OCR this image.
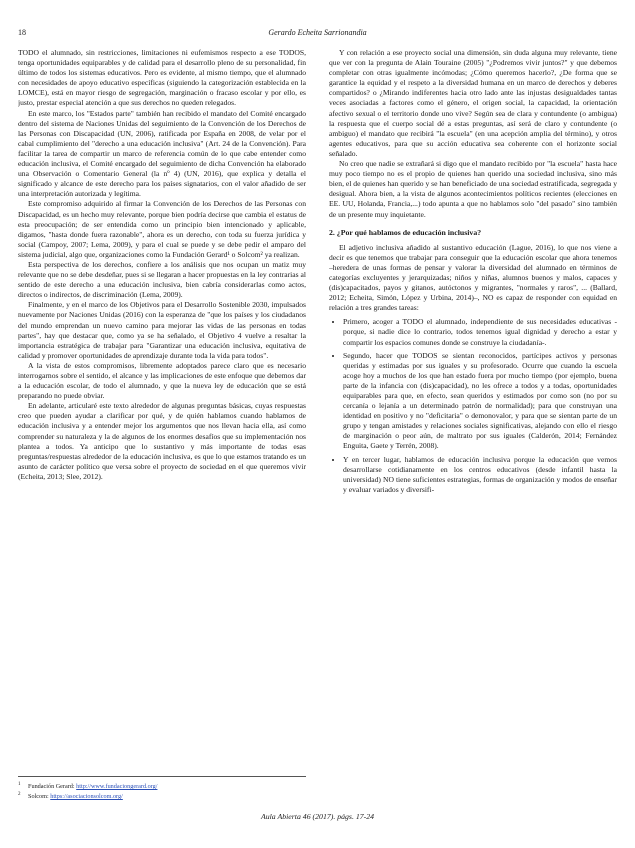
18	Gerardo Echeita Sarrionandia

TODO el alumnado, sin restricciones, limitaciones ni eufemismos respecto a ese TODOS, tenga oportunidades equiparables y de calidad para el desarrollo pleno de su personalidad, fin último de todos los sistemas educativos. Pero es evidente, al mismo tiempo, que el alumnado con necesidades de apoyo educativo específicas (siguiendo la categorización establecida en la LOMCE), está en mayor riesgo de segregación, marginación o fracaso escolar y por ello, es justo, prestar especial atención a que sus derechos no queden relegados.

En este marco, los "Estados parte" también han recibido el mandato del Comité encargado dentro del sistema de Naciones Unidas del seguimiento de la Convención de los Derechos de las Personas con Discapacidad (UN, 2006), ratificada por España en 2008, de velar por el cabal cumplimiento del "derecho a una educación inclusiva" (Art. 24 de la Convención). Para facilitar la tarea de compartir un marco de referencia común de lo que cabe entender como educación inclusiva, el Comité encargado del seguimiento de dicha Convención ha elaborado una Observación o Comentario General (la nº 4) (UN, 2016), que explica y detalla el significado y alcance de este derecho para los países signatarios, con el valor añadido de ser una interpretación autorizada y legítima.

Este compromiso adquirido al firmar la Convención de los Derechos de las Personas con Discapacidad, es un hecho muy relevante, porque bien podría decirse que cambia el estatus de esta preocupación; de ser entendida como un principio bien intencionado y aplicable, digamos, "hasta donde fuera razonable", ahora es un derecho, con toda su fuerza jurídica y social (Campoy, 2007; Lema, 2009), y para el cual se puede y se debe pedir el amparo del sistema judicial, algo que, organizaciones como la Fundación Gerard¹ o Solcom² ya realizan.

Esta perspectiva de los derechos, confiere a los análisis que nos ocupan un matiz muy relevante que no se debe desdeñar, pues si se llegaran a hacer propuestas en la ley contrarias al sentido de este derecho a una educación inclusiva, bien cabría considerarlas como actos, directos o indirectos, de discriminación (Lema, 2009).

Finalmente, y en el marco de los Objetivos para el Desarrollo Sostenible 2030, impulsados nuevamente por Naciones Unidas (2016) con la esperanza de "que los países y los ciudadanos del mundo emprendan un nuevo camino para mejorar las vidas de las personas en todas partes", hay que destacar que, como ya se ha señalado, el Objetivo 4 vuelve a resaltar la importancia estratégica de trabajar para "Garantizar una educación inclusiva, equitativa de calidad y promover oportunidades de aprendizaje durante toda la vida para todos".

A la vista de estos compromisos, libremente adoptados parece claro que es necesario interrogarnos sobre el sentido, el alcance y las implicaciones de este enfoque que debemos dar a la educación escolar, de todo el alumnado, y que la nueva ley de educación que se está preparando no puede obviar.

En adelante, articularé este texto alrededor de algunas preguntas básicas, cuyas respuestas creo que pueden ayudar a clarificar por qué, y de quién hablamos cuando hablamos de educación inclusiva y a entender mejor los argumentos que nos llevan hacia ella, así como comprender su naturaleza y la de algunos de los enormes desafíos que su implementación nos plantea a todos. Ya anticipo que lo sustantivo y más importante de todas esas preguntas/respuestas alrededor de la educación inclusiva, es que lo que estamos tratando es un asunto de carácter político que versa sobre el proyecto de sociedad en el que queremos vivir (Echeita, 2013; Slee, 2012).

Y con relación a ese proyecto social una dimensión, sin duda alguna muy relevante, tiene que ver con la pregunta de Alain Touraine (2005) "¿Podremos vivir juntos?" y que debemos completar con otras igualmente incómodas; ¿Cómo queremos hacerlo?, ¿De forma que se garantice la equidad y el respeto a la diversidad humana en un marco de derechos y deberes compartidos? o ¿Mirando indiferentes hacia otro lado ante las injustas desigualdades tantas veces asociadas a factores como el género, el origen social, la capacidad, la orientación afectivo sexual o el territorio donde uno vive? Según sea de clara y contundente (o ambigua) la respuesta que el cuerpo social dé a estas preguntas, así será de claro y contundente (o ambiguo) el mandato que recibirá "la escuela" (en una acepción amplia del término), y otros agentes educativos, para que su acción educativa sea coherente con el horizonte social señalado.

No creo que nadie se extrañará si digo que el mandato recibido por "la escuela" hasta hace muy poco tiempo no es el propio de quienes han querido una sociedad inclusiva, sino más bien, el de quienes han querido y se han beneficiado de una sociedad estratificada, segregada y desigual. Ahora bien, a la vista de algunos acontecimientos políticos recientes (elecciones en EE. UU, Holanda, Francia,...) todo apunta a que no hablamos solo "del pasado" sino también de un presente muy inquietante.

2. ¿Por qué hablamos de educación inclusiva?

El adjetivo inclusiva añadido al sustantivo educación (Lague, 2016), lo que nos viene a decir es que tenemos que trabajar para conseguir que la educación escolar que ahora tenemos –heredera de unas formas de pensar y valorar la diversidad del alumnado en términos de categorías excluyentes y jerarquizadas; niños y niñas, alumnos buenos y malos, capaces y (dis)capacitados, payos y gitanos, autóctonos y migrantes, "normales y raros", ... (Ballard, 2012; Echeita, Simón, López y Urbina, 2014)–, NO es capaz de responder con equidad en relación a tres grandes tareas:

• Primero, acoger a TODO el alumnado, independiente de sus necesidades educativas -porque, si nadie dice lo contrario, todos tenemos igual dignidad y derecho a estar y compartir los espacios comunes donde se construye la ciudadanía-.
• Segundo, hacer que TODOS se sientan reconocidos, partícipes activos y personas queridas y estimadas por sus iguales y su profesorado. Ocurre que cuando la escuela acoge hoy a muchos de los que han estado fuera por mucho tiempo (por ejemplo, buena parte de la infancia con (dis)capacidad), no les ofrece a todos y a todas, oportunidades equiparables para que, en efecto, sean queridos y estimados por como son (no por su cercanía o lejanía a un determinado patrón de normalidad); para que construyan una identidad en positivo y no "deficitaria" o demonovalor, y para que se sientan parte de un grupo y tengan amistades y relaciones sociales significativas, alejando con ello el riesgo de marginación o peor aún, de maltrato por sus iguales (Calderón, 2014; Fernández Enguita, Gaete y Terrén, 2008).
• Y en tercer lugar, hablamos de educación inclusiva porque la educación que vemos desarrollarse cotidianamente en los centros educativos (desde infantil hasta la universidad) NO tiene suficientes estrategias, formas de organización y modos de enseñar y evaluar variados y diversifi-
$^1$ Fundación Gerard: http://www.fundaciongerard.org/
$^2$ Solcom: https://asociacionsolcom.org/
Aula Abierta 46 (2017). págs. 17-24
